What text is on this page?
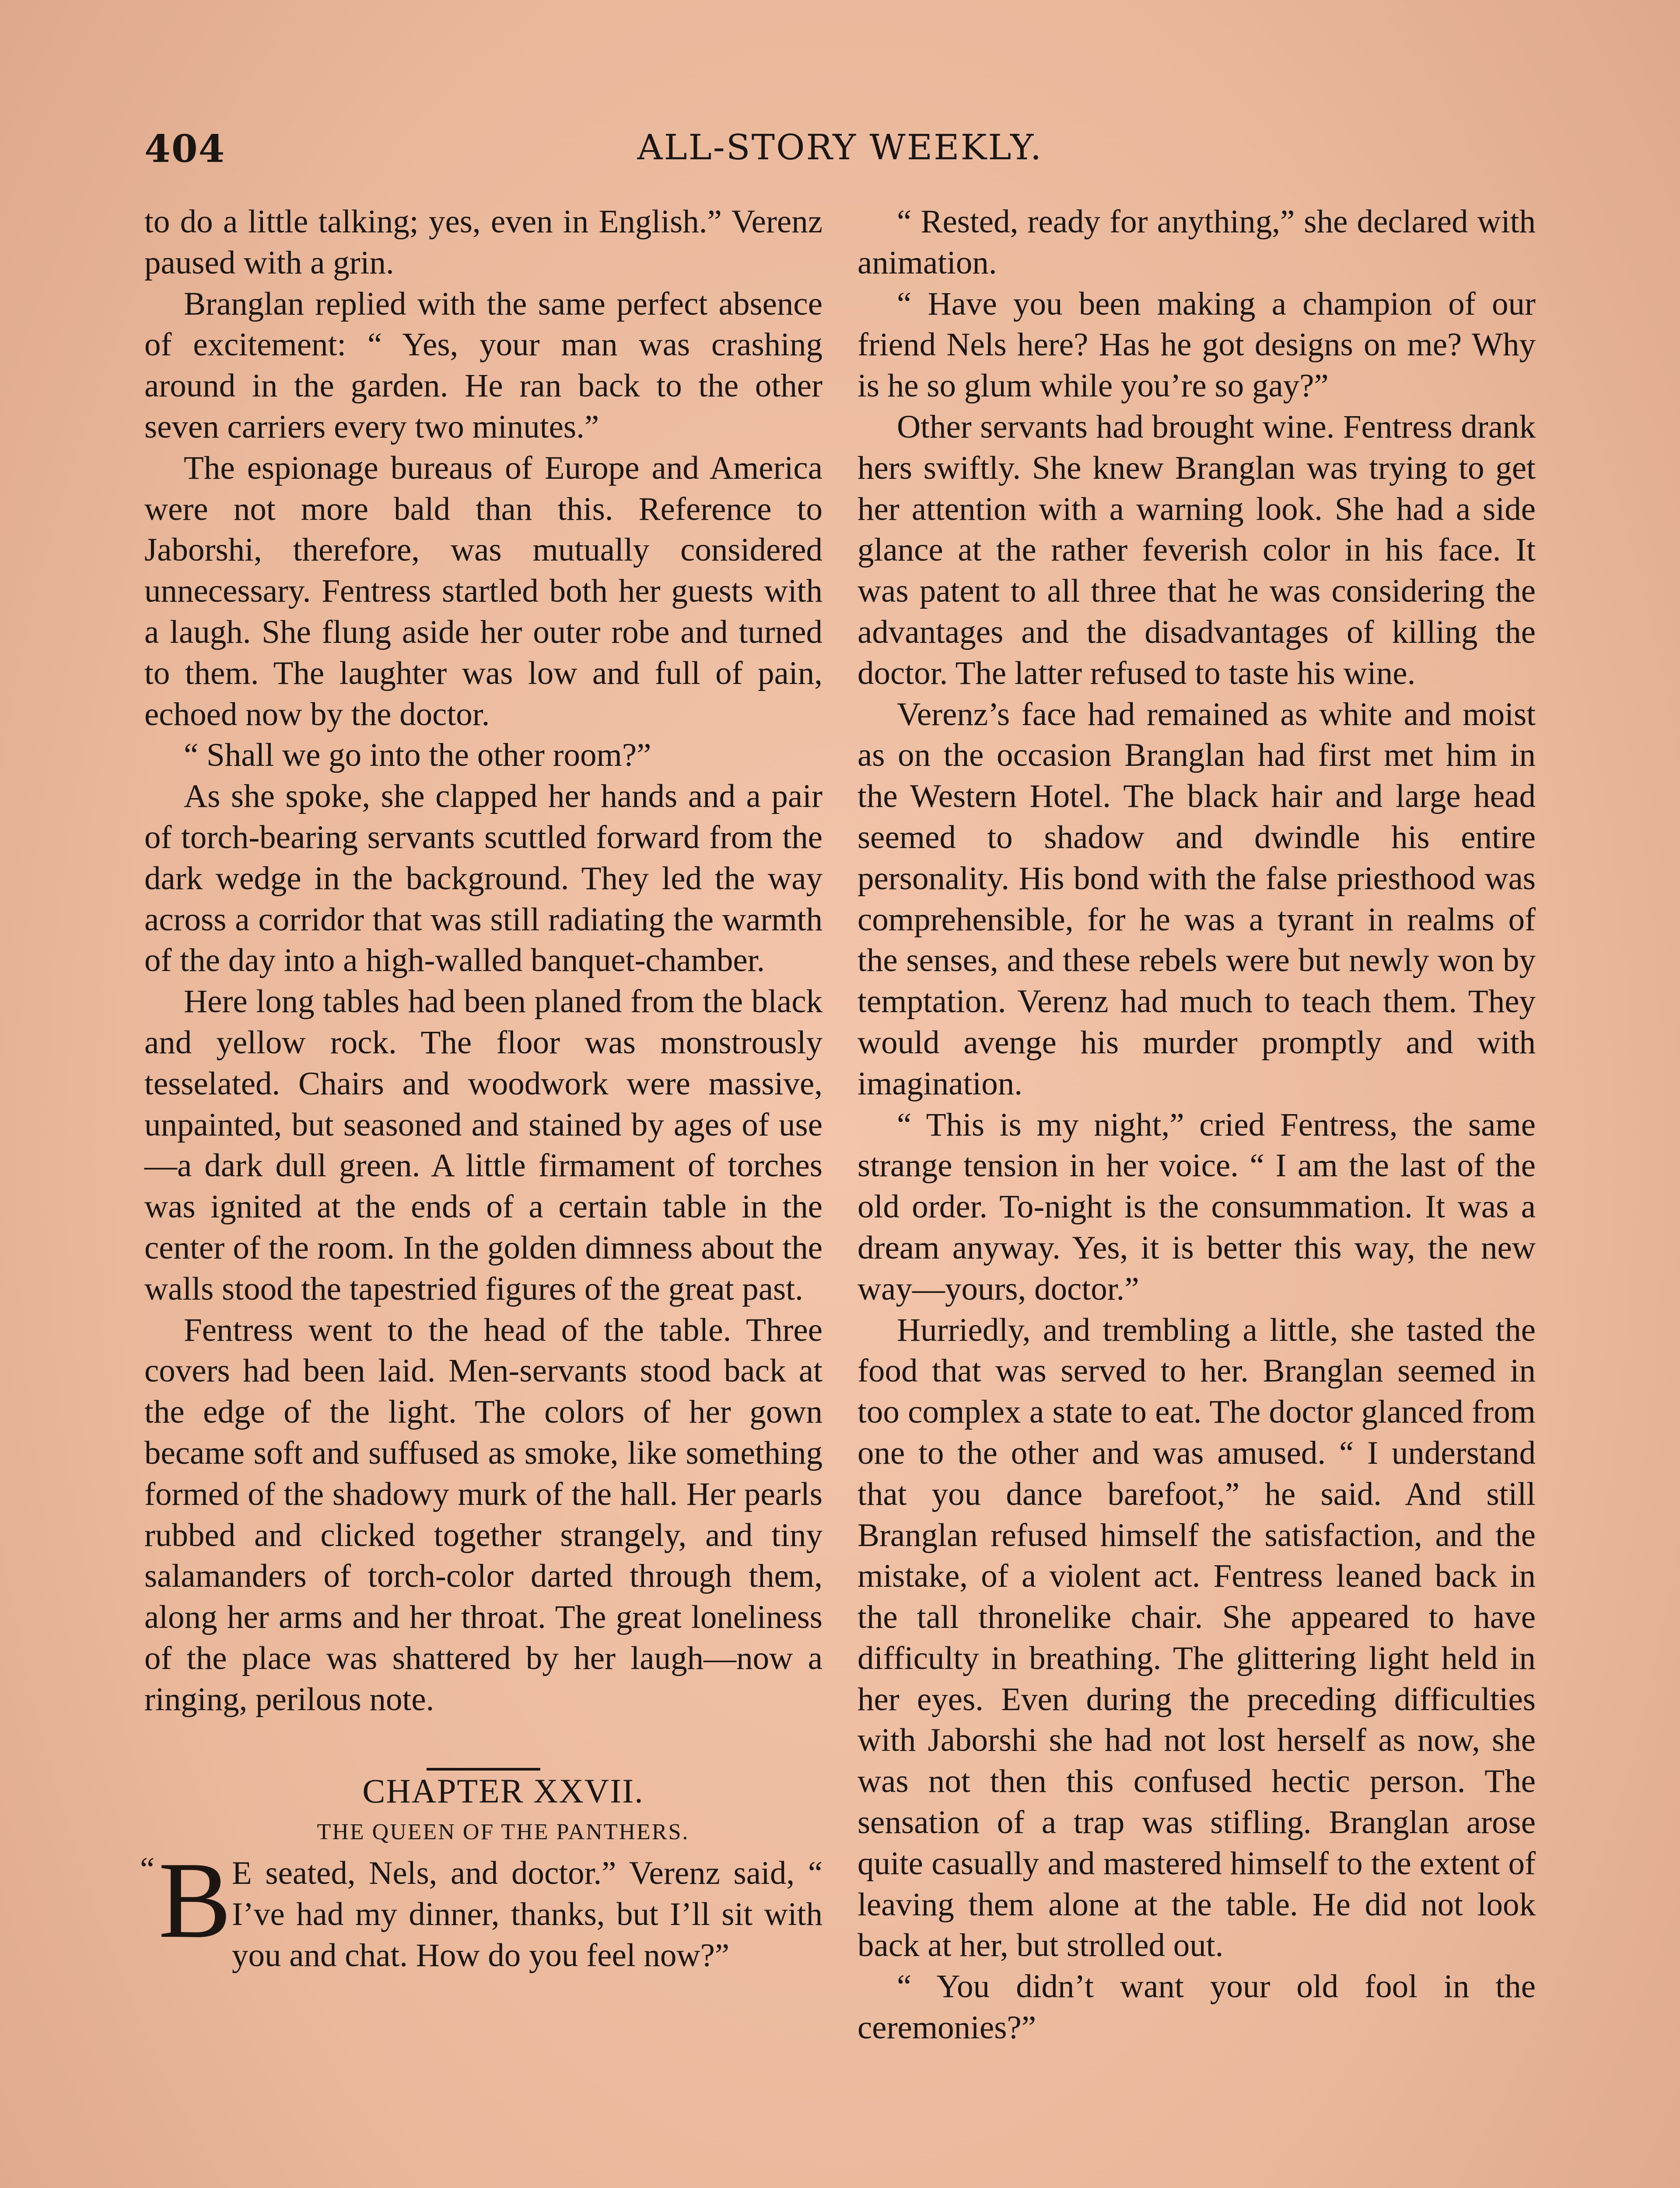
404	ALL-STORY WEEKLY.

to do a little talking; yes, even in English.” Verenz paused with a grin.

Branglan replied with the same perfect absence of excitement: “ Yes, your man was crashing around in the garden. He ran back to the other seven carriers every two minutes.”

The espionage bureaus of Europe and America were not more bald than this. Reference to Jaborshi, therefore, was mutually considered unnecessary. Fentress startled both her guests with a laugh. She flung aside her outer robe and turned to them. The laughter was low and full of pain, echoed now by the doctor.

“ Shall we go into the other room?”

As she spoke, she clapped her hands and a pair of torch-bearing servants scuttled forward from the dark wedge in the background. They led the way across a corridor that was still radiating the warmth of the day into a high-walled banquet-chamber.

Here long tables had been planed from the black and yellow rock. The floor was monstrously tesselated. Chairs and woodwork were massive, unpainted, but seasoned and stained by ages of use—a dark dull green. A little firmament of torches was ignited at the ends of a certain table in the center of the room. In the golden dimness about the walls stood the tapestried figures of the great past.

Fentress went to the head of the table. Three covers had been laid. Men-servants stood back at the edge of the light. The colors of her gown became soft and suffused as smoke, like something formed of the shadowy murk of the hall. Her pearls rubbed and clicked together strangely, and tiny salamanders of torch-color darted through them, along her arms and her throat. The great loneliness of the place was shattered by her laugh—now a ringing, perilous note.

CHAPTER XXVII.

THE QUEEN OF THE PANTHERS.

“ B E seated, Nels, and doctor.” Verenz said, “ I’ve had my dinner, thanks, but I’ll sit with you and chat. How do you feel now?”

“ Rested, ready for anything,” she declared with animation.

“ Have you been making a champion of our friend Nels here? Has he got designs on me? Why is he so glum while you’re so gay?”

Other servants had brought wine. Fentress drank hers swiftly. She knew Branglan was trying to get her attention with a warning look. She had a side glance at the rather feverish color in his face. It was patent to all three that he was considering the advantages and the disadvantages of killing the doctor. The latter refused to taste his wine.

Verenz’s face had remained as white and moist as on the occasion Branglan had first met him in the Western Hotel. The black hair and large head seemed to shadow and dwindle his entire personality. His bond with the false priesthood was comprehensible, for he was a tyrant in realms of the senses, and these rebels were but newly won by temptation. Verenz had much to teach them. They would avenge his murder promptly and with imagination.

“ This is my night,” cried Fentress, the same strange tension in her voice. “ I am the last of the old order. To-night is the consummation. It was a dream anyway. Yes, it is better this way, the new way—yours, doctor.”

Hurriedly, and trembling a little, she tasted the food that was served to her. Branglan seemed in too complex a state to eat. The doctor glanced from one to the other and was amused. “ I understand that you dance barefoot,” he said. And still Branglan refused himself the satisfaction, and the mistake, of a violent act. Fentress leaned back in the tall thronelike chair. She appeared to have difficulty in breathing. The glittering light held in her eyes. Even during the preceding difficulties with Jaborshi she had not lost herself as now, she was not then this confused hectic person. The sensation of a trap was stifling. Branglan arose quite casually and mastered himself to the extent of leaving them alone at the table. He did not look back at her, but strolled out.

“ You didn’t want your old fool in the ceremonies?”
